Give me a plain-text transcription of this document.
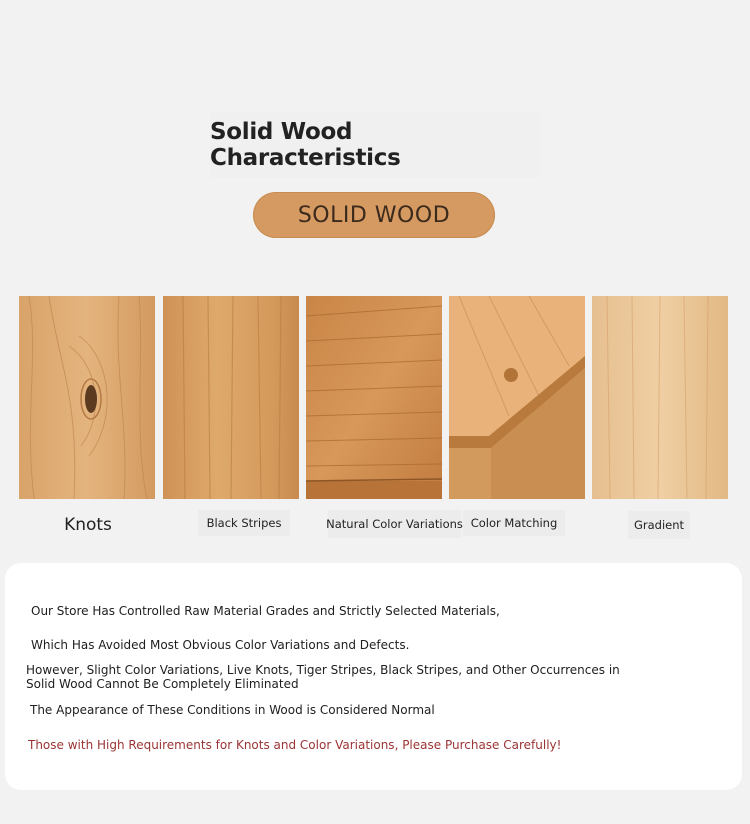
Solid Wood Characteristics
SOLID WOOD
Knots	Black Stripes	Natural Color Variations Color Matching	Gradient
Our Store Has Controlled Raw Material Grades and Strictly Selected Materials,
Which Has Avoided Most Obvious Color Variations and Defects.
However, Slight Color Variations, Live Knots, Tiger Stripes, Black Stripes, and Other Occurrences in
Solid Wood Cannot Be Completely Eliminated
The Appearance of These Conditions in Wood is Considered Normal
Those with High Requirements for Knots and Color Variations, Please Purchase Carefully!
